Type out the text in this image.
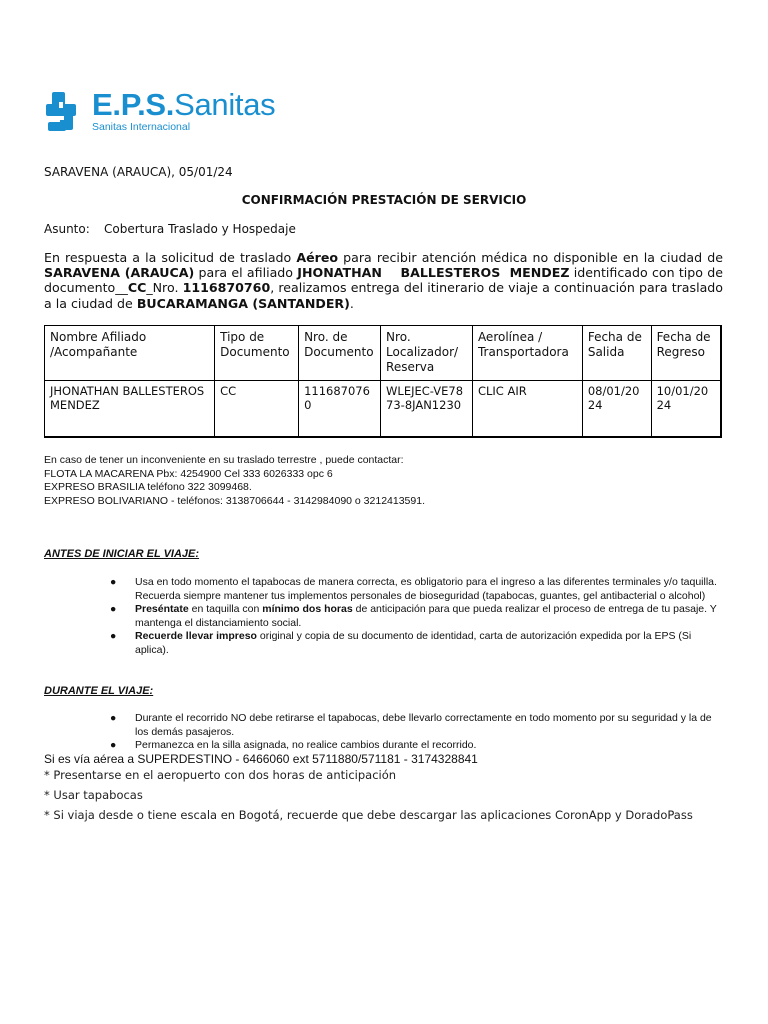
E.P.S.Sanitas
Sanitas Internacional
SARAVENA (ARAUCA), 05/01/24
CONFIRMACIÓN PRESTACIÓN DE SERVICIO
Asunto: Cobertura Traslado y Hospedaje
En respuesta a la solicitud de traslado Aéreo para recibir atención médica no disponible en la ciudad de SARAVENA (ARAUCA) para el afiliado JHONATHAN    BALLESTEROS  MENDEZ identificado con tipo de documento__CC_Nro. 1116870760, realizamos entrega del itinerario de viaje a continuación para traslado a la ciudad de BUCARAMANGA (SANTANDER).
Nombre Afiliado /Acompañante	Tipo de Documento	Nro. de Documento	Nro. Localizador/ Reserva	Aerolínea / Transportadora	Fecha de Salida	Fecha de Regreso
JHONATHAN BALLESTEROS  MENDEZ	CC	1116870760	WLEJEC-VE7873-8JAN1230	CLIC AIR	08/01/2024	10/01/2024
En caso de tener un inconveniente en su traslado terrestre , puede contactar:
FLOTA LA MACARENA Pbx: 4254900 Cel 333 6026333 opc 6
EXPRESO BRASILIA teléfono 322 3099468.
EXPRESO BOLIVARIANO - teléfonos: 3138706644 - 3142984090 o 3212413591.
ANTES DE INICIAR EL VIAJE:
● Usa en todo momento el tapabocas de manera correcta, es obligatorio para el ingreso a las diferentes terminales y/o taquilla. Recuerda siempre mantener tus implementos personales de bioseguridad (tapabocas, guantes, gel antibacterial o alcohol)
● Preséntate en taquilla con mínimo dos horas de anticipación para que pueda realizar el proceso de entrega de tu pasaje. Y mantenga el distanciamiento social.
● Recuerde llevar impreso original y copia de su documento de identidad, carta de autorización expedida por la EPS (Si aplica).
DURANTE EL VIAJE:
● Durante el recorrido NO debe retirarse el tapabocas, debe llevarlo correctamente en todo momento por su seguridad y la de los demás pasajeros.
● Permanezca en la silla asignada, no realice cambios durante el recorrido.
Si es vía aérea a SUPERDESTINO - 6466060 ext 5711880/571181 - 3174328841
* Presentarse en el aeropuerto con dos horas de anticipación
* Usar tapabocas
* Si viaja desde o tiene escala en Bogotá, recuerde que debe descargar las aplicaciones CoronApp y DoradoPass
